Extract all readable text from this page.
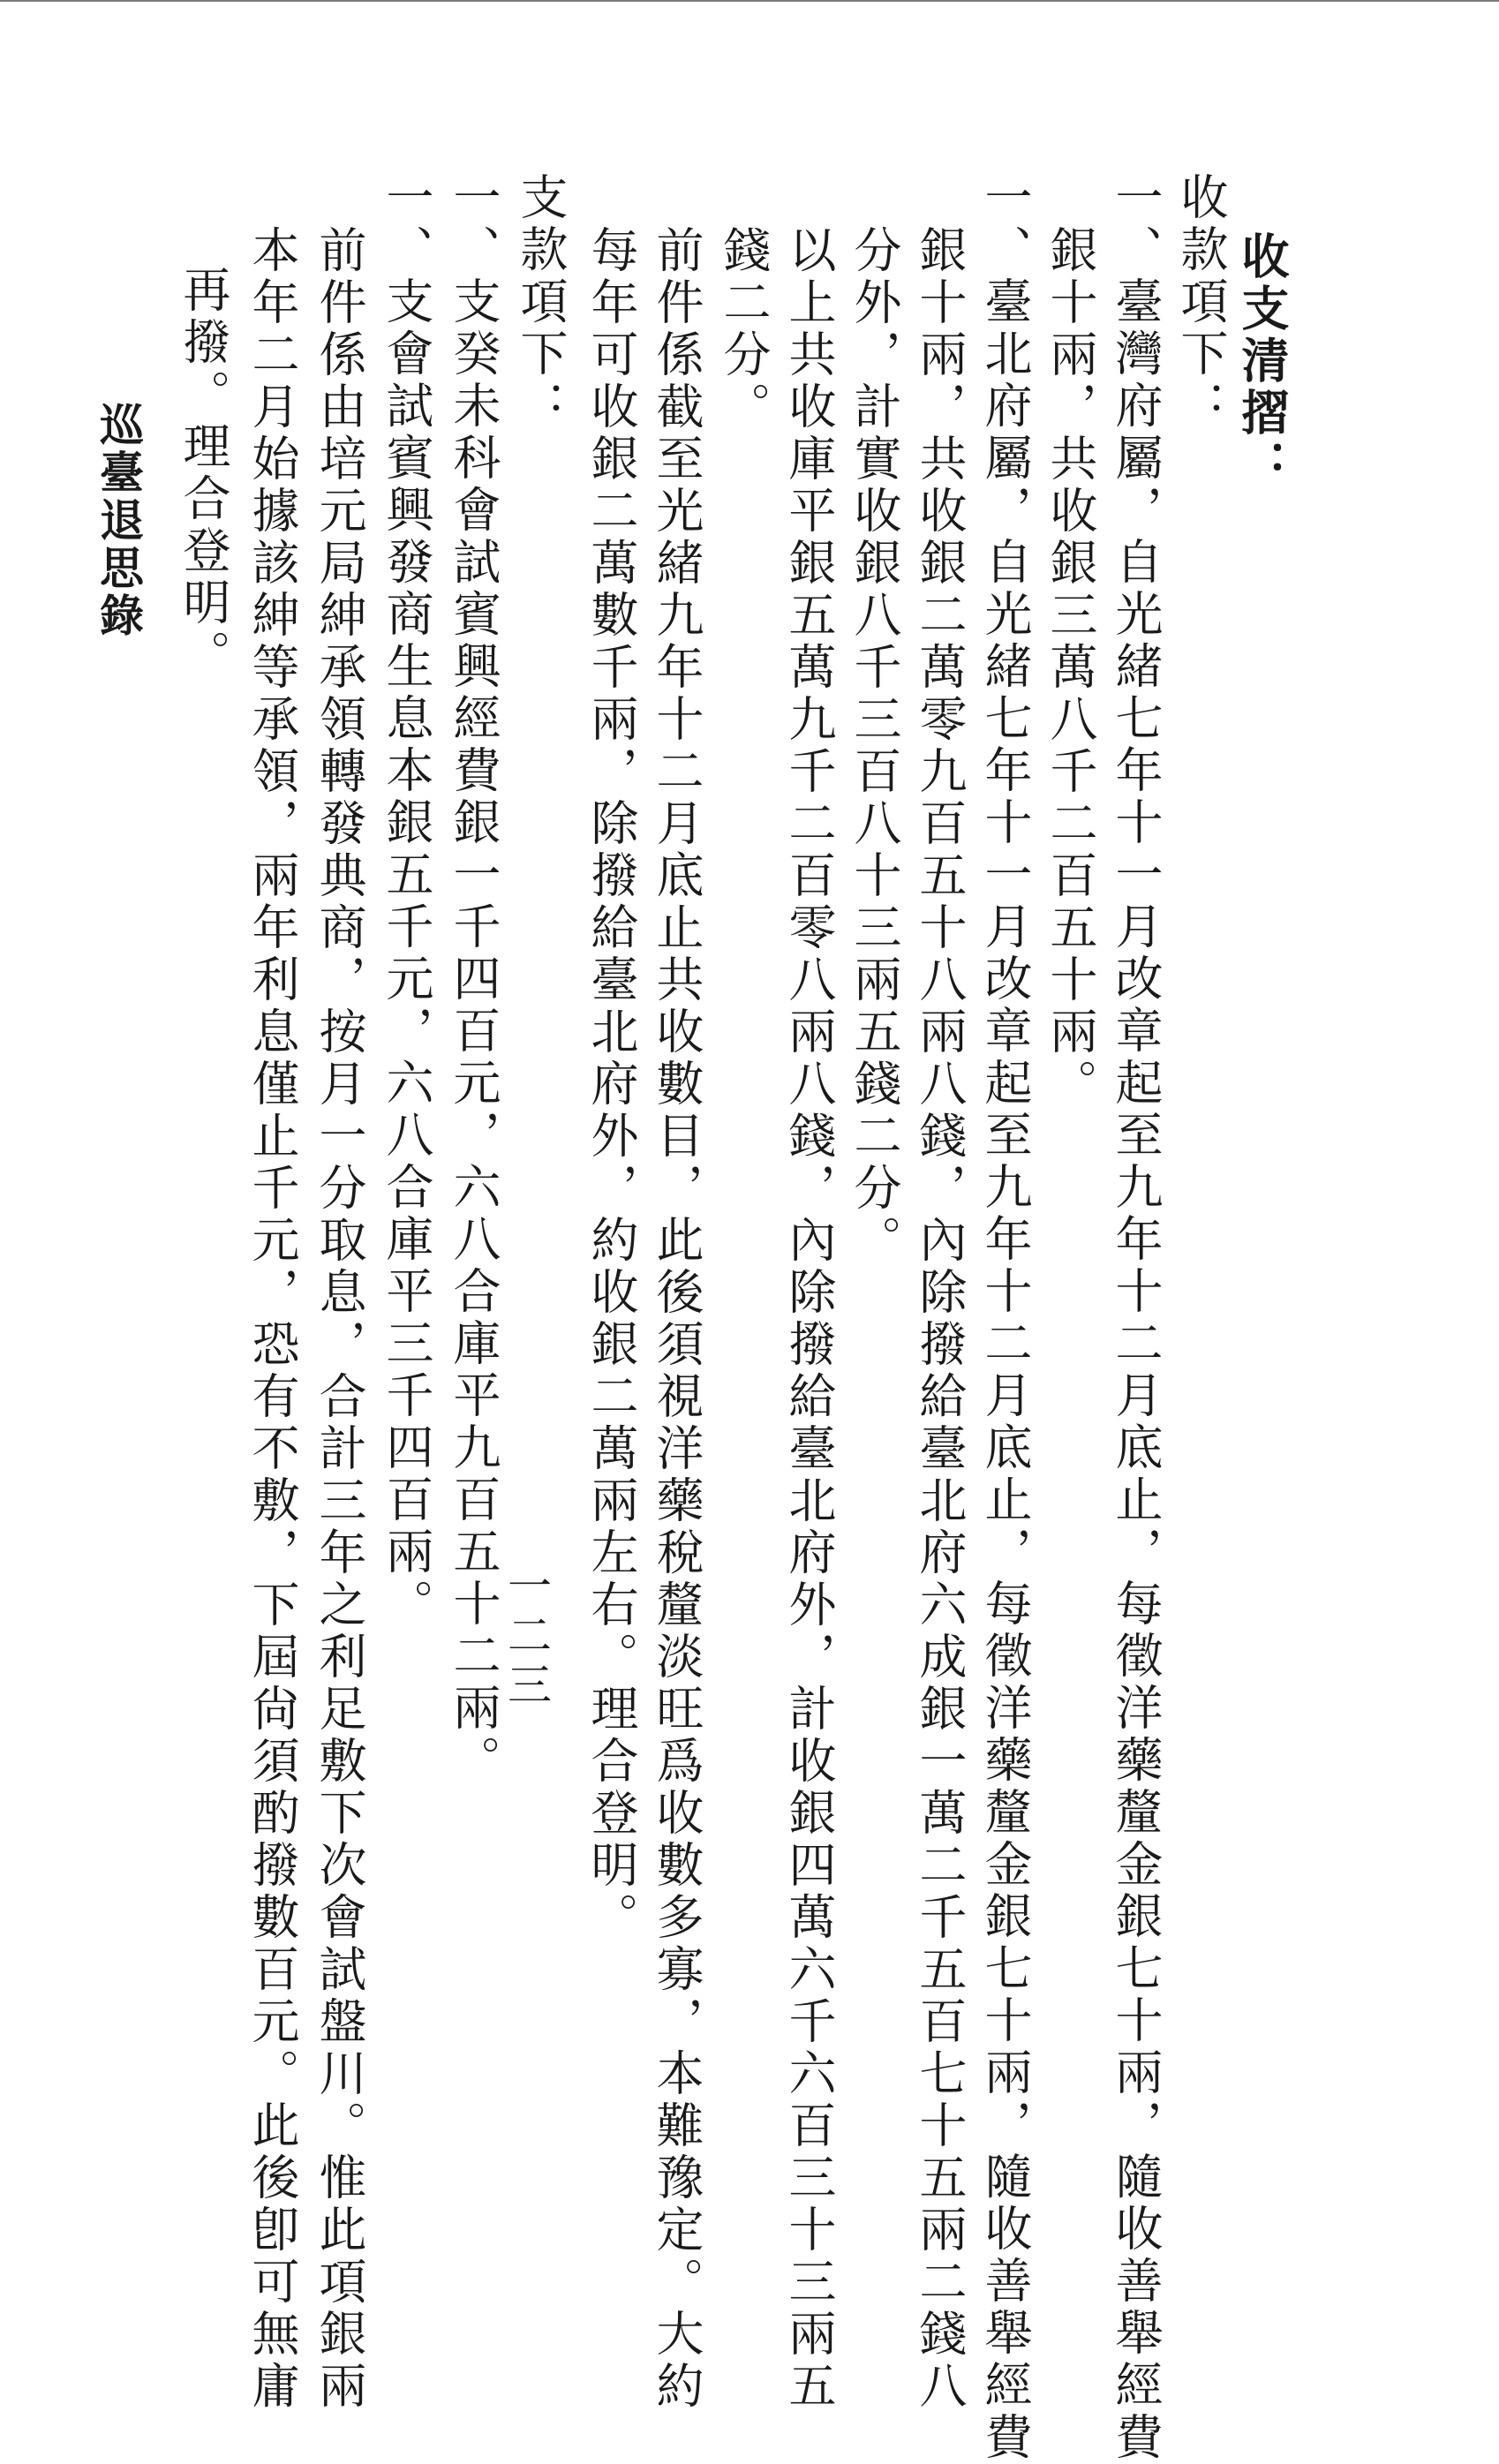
收支清摺：
收款項下：
一、臺灣府屬，自光緒七年十一月改章起至九年十二月底止，每徵洋藥釐金銀七十兩，隨收善舉經費
銀十兩，共收銀三萬八千二百五十兩。
一、臺北府屬，自光緒七年十一月改章起至九年十二月底止，每徵洋藥釐金銀七十兩，隨收善舉經費
銀十兩，共收銀二萬零九百五十八兩八錢，內除撥給臺北府六成銀一萬二千五百七十五兩二錢八
分外，計實收銀八千三百八十三兩五錢二分。
以上共收庫平銀五萬九千二百零八兩八錢，內除撥給臺北府外，計收銀四萬六千六百三十三兩五
錢二分。
前件係截至光緒九年十二月底止共收數目，此後須視洋藥稅釐淡旺爲收數多寡，本難豫定。大約
每年可收銀二萬數千兩，除撥給臺北府外，約收銀二萬兩左右。理合登明。
支款項下：
一、支癸未科會試賓興經費銀一千四百元，六八合庫平九百五十二兩。
一、支會試賓興發商生息本銀五千元，六八合庫平三千四百兩。
前件係由培元局紳承領轉發典商，按月一分取息，合計三年之利足敷下次會試盤川。惟此項銀兩
本年二月始據該紳等承領，兩年利息僅止千元，恐有不敷，下屆尙須酌撥數百元。此後卽可無庸
再撥。理合登明。
一二三
巡臺退思錄
